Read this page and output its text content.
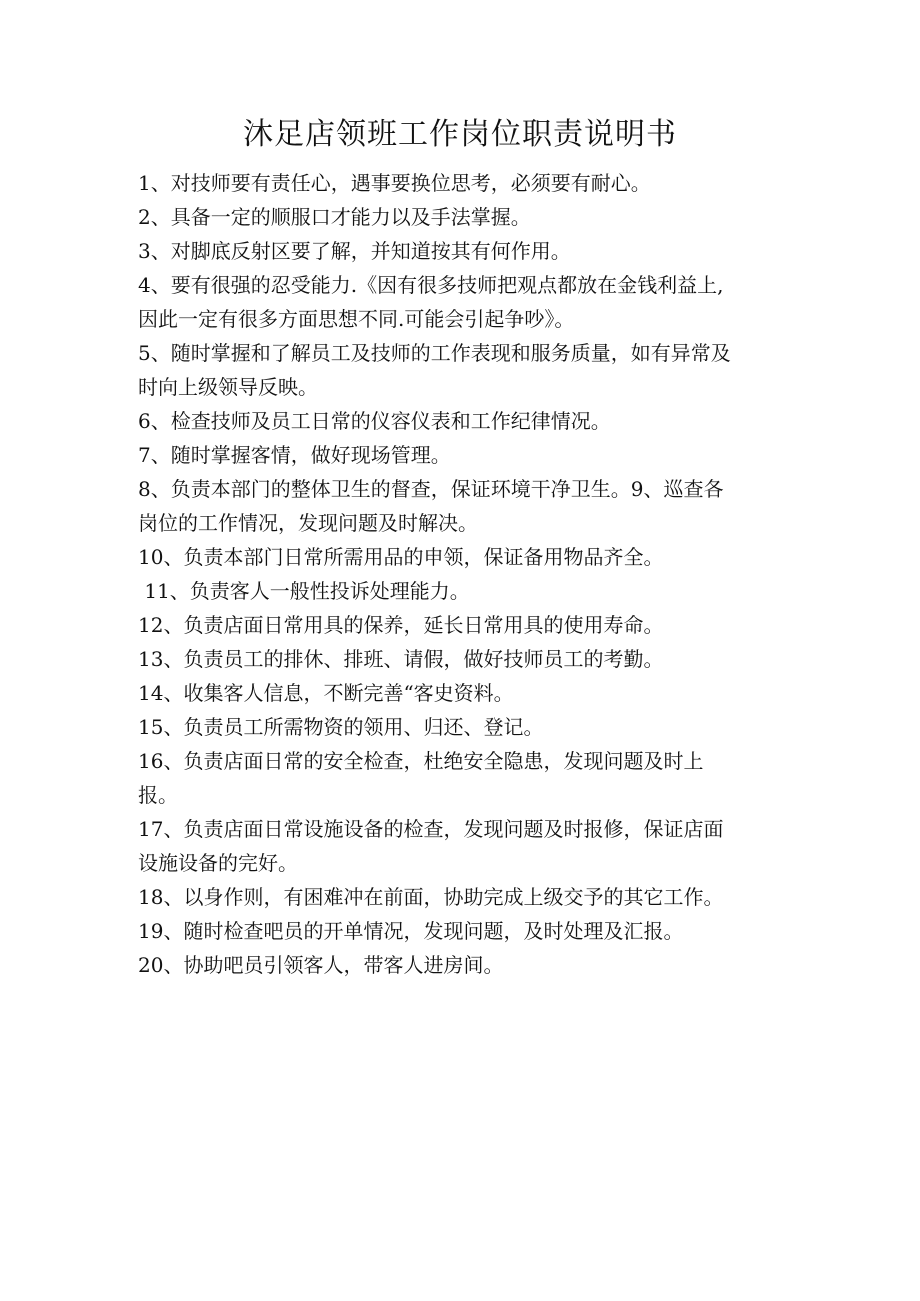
沐足店领班工作岗位职责说明书

1、对技师要有责任心，遇事要换位思考，必须要有耐心。

2、具备一定的顺服口才能力以及手法掌握。

3、对脚底反射区要了解，并知道按其有何作用。

4、要有很强的忍受能力.《因有很多技师把观点都放在金钱利益上,

因此一定有很多方面思想不同.可能会引起争吵》。

5、随时掌握和了解员工及技师的工作表现和服务质量，如有异常及

时向上级领导反映。

6、检查技师及员工日常的仪容仪表和工作纪律情况。

7、随时掌握客情，做好现场管理。

8、负责本部门的整体卫生的督查，保证环境干净卫生。9、巡查各

岗位的工作情况，发现问题及时解决。

10、负责本部门日常所需用品的申领，保证备用物品齐全。

11、负责客人一般性投诉处理能力。

12、负责店面日常用具的保养，延长日常用具的使用寿命。

13、负责员工的排休、排班、请假，做好技师员工的考勤。

14、收集客人信息，不断完善“客史资料。

15、负责员工所需物资的领用、归还、登记。

16、负责店面日常的安全检查，杜绝安全隐患，发现问题及时上

报。

17、负责店面日常设施设备的检查，发现问题及时报修，保证店面

设施设备的完好。

18、以身作则，有困难冲在前面，协助完成上级交予的其它工作。

19、随时检查吧员的开单情况，发现问题，及时处理及汇报。

20、协助吧员引领客人，带客人进房间。
